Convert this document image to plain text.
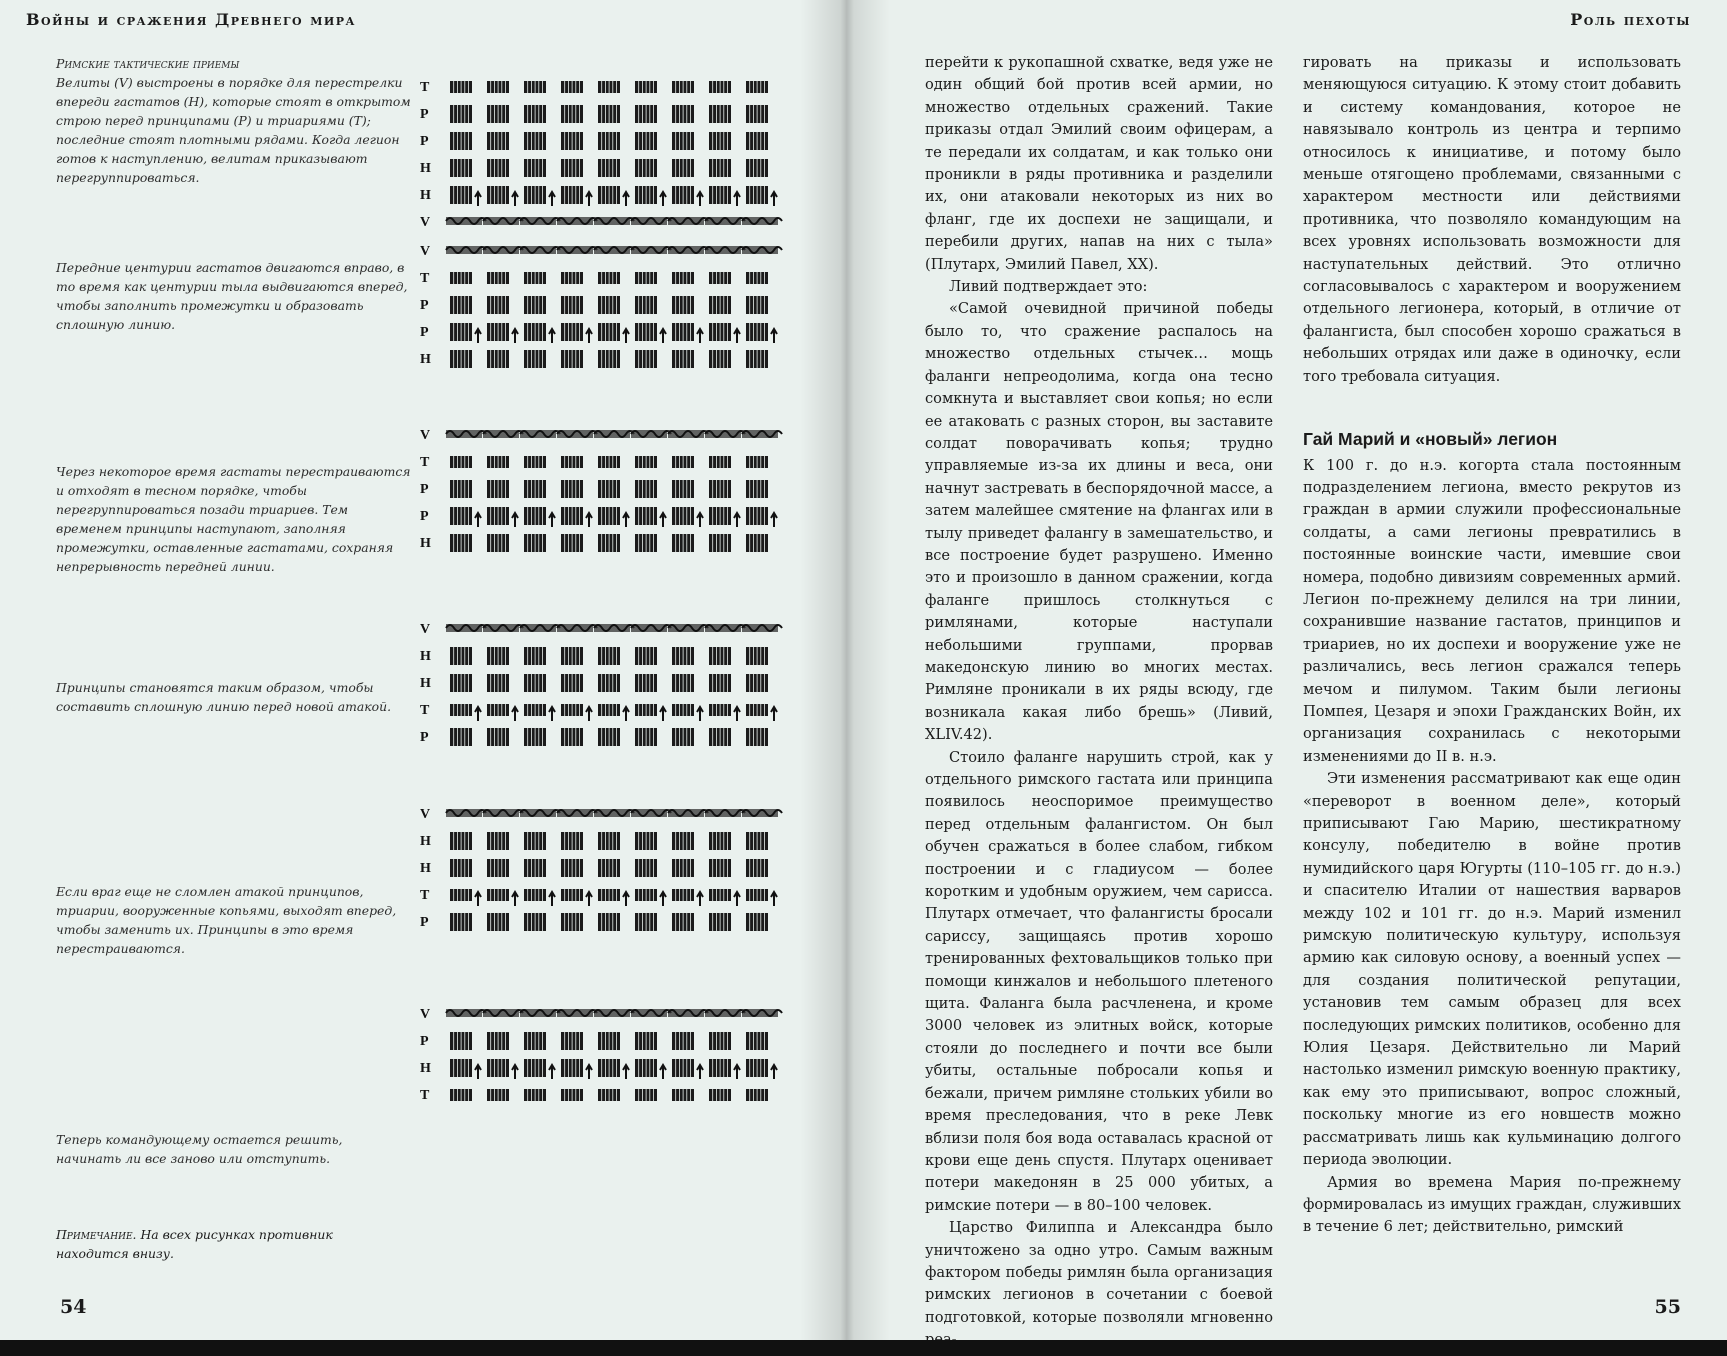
Войны и сражения Древнего мира

Римские тактические приемы

Велиты (V) выстроены в порядке для перестрелки впереди гастатов (H), которые стоят в открытом строю перед принципами (P) и триариями (T); последние стоят плотными рядами. Когда легион готов к наступлению, велитам приказывают перегруппироваться.

Передние центурии гастатов двигаются вправо, в то время как центурии тыла выдвигаются вперед, чтобы заполнить промежутки и образовать сплошную линию.

Через некоторое время гастаты перестраиваются и отходят в тесном порядке, чтобы перегруппироваться позади триариев. Тем временем принципы наступают, заполняя промежутки, оставленные гастатами, сохраняя непрерывность передней линии.

Принципы становятся таким образом, чтобы составить сплошную линию перед новой атакой.

Если враг еще не сломлен атакой принципов, триарии, вооруженные копьями, выходят вперед, чтобы заменить их. Принципы в это время перестраиваются.

Теперь командующему остается решить, начинать ли все заново или отступить.

T
P
P
H
H
V
V
T
P
P
H
V
T
P
P
H
V
H
H
T
P
V
H
H
T
P
V
P
H
T
Примечание. На всех рисунках противник находится внизу.
54
Роль пехоты

перейти к рукопашной схватке, ведя уже не один общий бой против всей армии, но множество отдельных сражений. Такие приказы отдал Эмилий своим офицерам, а те передали их солдатам, и как только они проникли в ряды противника и разделили их, они атаковали некоторых из них во фланг, где их доспехи не защищали, и перебили других, напав на них с тыла» (Плутарх, Эмилий Павел, XX).

Ливий подтверждает это:

«Самой очевидной причиной победы было то, что сражение распалось на множество отдельных стычек… мощь фаланги непреодолима, когда она тесно сомкнута и выставляет свои копья; но если ее атаковать с разных сторон, вы заставите солдат поворачивать копья; трудно управляемые из-за их длины и веса, они начнут застревать в беспорядочной массе, а затем малейшее смятение на флангах или в тылу приведет фалангу в замешательство, и все построение будет разрушено. Именно это и произошло в данном сражении, когда фаланге пришлось столкнуться с римлянами, которые наступали небольшими группами, прорвав македонскую линию во многих местах. Римляне проникали в их ряды всюду, где возникала какая либо брешь» (Ливий, XLIV.42).

Стоило фаланге нарушить строй, как у отдельного римского гастата или принципа появилось неоспоримое преимущество перед отдельным фалангистом. Он был обучен сражаться в более слабом, гибком построении и с гладиусом — более коротким и удобным оружием, чем сарисса. Плутарх отмечает, что фалангисты бросали сариссу, защищаясь против хорошо тренированных фехтовальщиков только при помощи кинжалов и небольшого плетеного щита. Фаланга была расчленена, и кроме 3000 человек из элитных войск, которые стояли до последнего и почти все были убиты, остальные побросали копья и бежали, причем римляне стольких убили во время преследования, что в реке Левк вблизи поля боя вода оставалась красной от крови еще день спустя. Плутарх оценивает потери македонян в 25 000 убитых, а римские потери — в 80–100 человек.

Царство Филиппа и Александра было уничтожено за одно утро. Самым важным фактором победы римлян была организация римских легионов в сочетании с боевой подготовкой, которые позволяли мгновенно

гировать на приказы и использовать меняющуюся ситуацию. К этому стоит добавить и систему командования, которое не навязывало контроль из центра и терпимо относилось к инициативе, и потому было меньше отягощено проблемами, связанными с характером местности или действиями противника, что позволяло командующим на всех уровнях использовать возможности для наступательных действий. Это отлично согласовывалось с характером и вооружением отдельного легионера, который, в отличие от фалангиста, был способен хорошо сражаться в небольших отрядах или даже в одиночку, если того требовала ситуация.

Гай Марий и «новый» легион

К 100 г. до н.э. когорта стала постоянным подразделением легиона, вместо рекрутов из граждан в армии служили профессиональные солдаты, а сами легионы превратились в постоянные воинские части, имевшие свои номера, подобно дивизиям современных армий. Легион по-прежнему делился на три линии, сохранившие название гастатов, принципов и триариев, но их доспехи и вооружение уже не различались, весь легион сражался теперь мечом и пилумом. Таким были легионы Помпея, Цезаря и эпохи Гражданских Войн, их организация сохранилась с некоторыми изменениями до II в. н.э.

Эти изменения рассматривают как еще один «переворот в военном деле», который приписывают Гаю Марию, шестикратному консулу, победителю в войне против нумидийского царя Югурты (110–105 гг. до н.э.) и спасителю Италии от нашествия варваров между 102 и 101 гг. до н.э. Марий изменил римскую политическую культуру, используя армию как силовую основу, а военный успех — для создания политической репутации, установив тем самым образец для всех последующих римских политиков, особенно для Юлия Цезаря. Действительно ли Марий настолько изменил римскую военную практику, как ему это приписывают, вопрос сложный, поскольку многие из его новшеств можно рассматривать лишь как кульминацию долгого периода эволюции.

Армия во времена Мария по-прежнему формировалась из имущих граждан, служивших в течение 6 лет; действительно, римский

55
